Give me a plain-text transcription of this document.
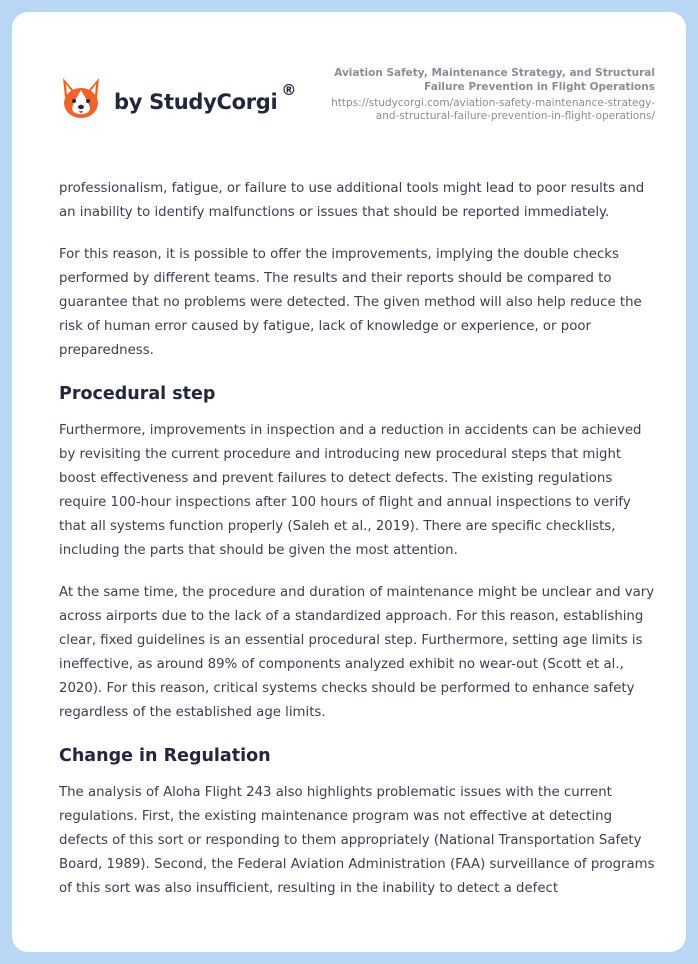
by StudyCorgi ®
Aviation Safety, Maintenance Strategy, and Structural
Failure Prevention in Flight Operations
https://studycorgi.com/aviation-safety-maintenance-strategy-
and-structural-failure-prevention-in-flight-operations/

professionalism, fatigue, or failure to use additional tools might lead to poor results and an inability to identify malfunctions or issues that should be reported immediately.

For this reason, it is possible to offer the improvements, implying the double checks performed by different teams. The results and their reports should be compared to guarantee that no problems were detected. The given method will also help reduce the risk of human error caused by fatigue, lack of knowledge or experience, or poor preparedness.

Procedural step

Furthermore, improvements in inspection and a reduction in accidents can be achieved by revisiting the current procedure and introducing new procedural steps that might boost effectiveness and prevent failures to detect defects. The existing regulations require 100-hour inspections after 100 hours of flight and annual inspections to verify that all systems function properly (Saleh et al., 2019). There are specific checklists, including the parts that should be given the most attention.

At the same time, the procedure and duration of maintenance might be unclear and vary across airports due to the lack of a standardized approach. For this reason, establishing clear, fixed guidelines is an essential procedural step. Furthermore, setting age limits is ineffective, as around 89% of components analyzed exhibit no wear-out (Scott et al., 2020). For this reason, critical systems checks should be performed to enhance safety regardless of the established age limits.

Change in Regulation

The analysis of Aloha Flight 243 also highlights problematic issues with the current regulations. First, the existing maintenance program was not effective at detecting defects of this sort or responding to them appropriately (National Transportation Safety Board, 1989). Second, the Federal Aviation Administration (FAA) surveillance of programs of this sort was also insufficient, resulting in the inability to detect a defect
